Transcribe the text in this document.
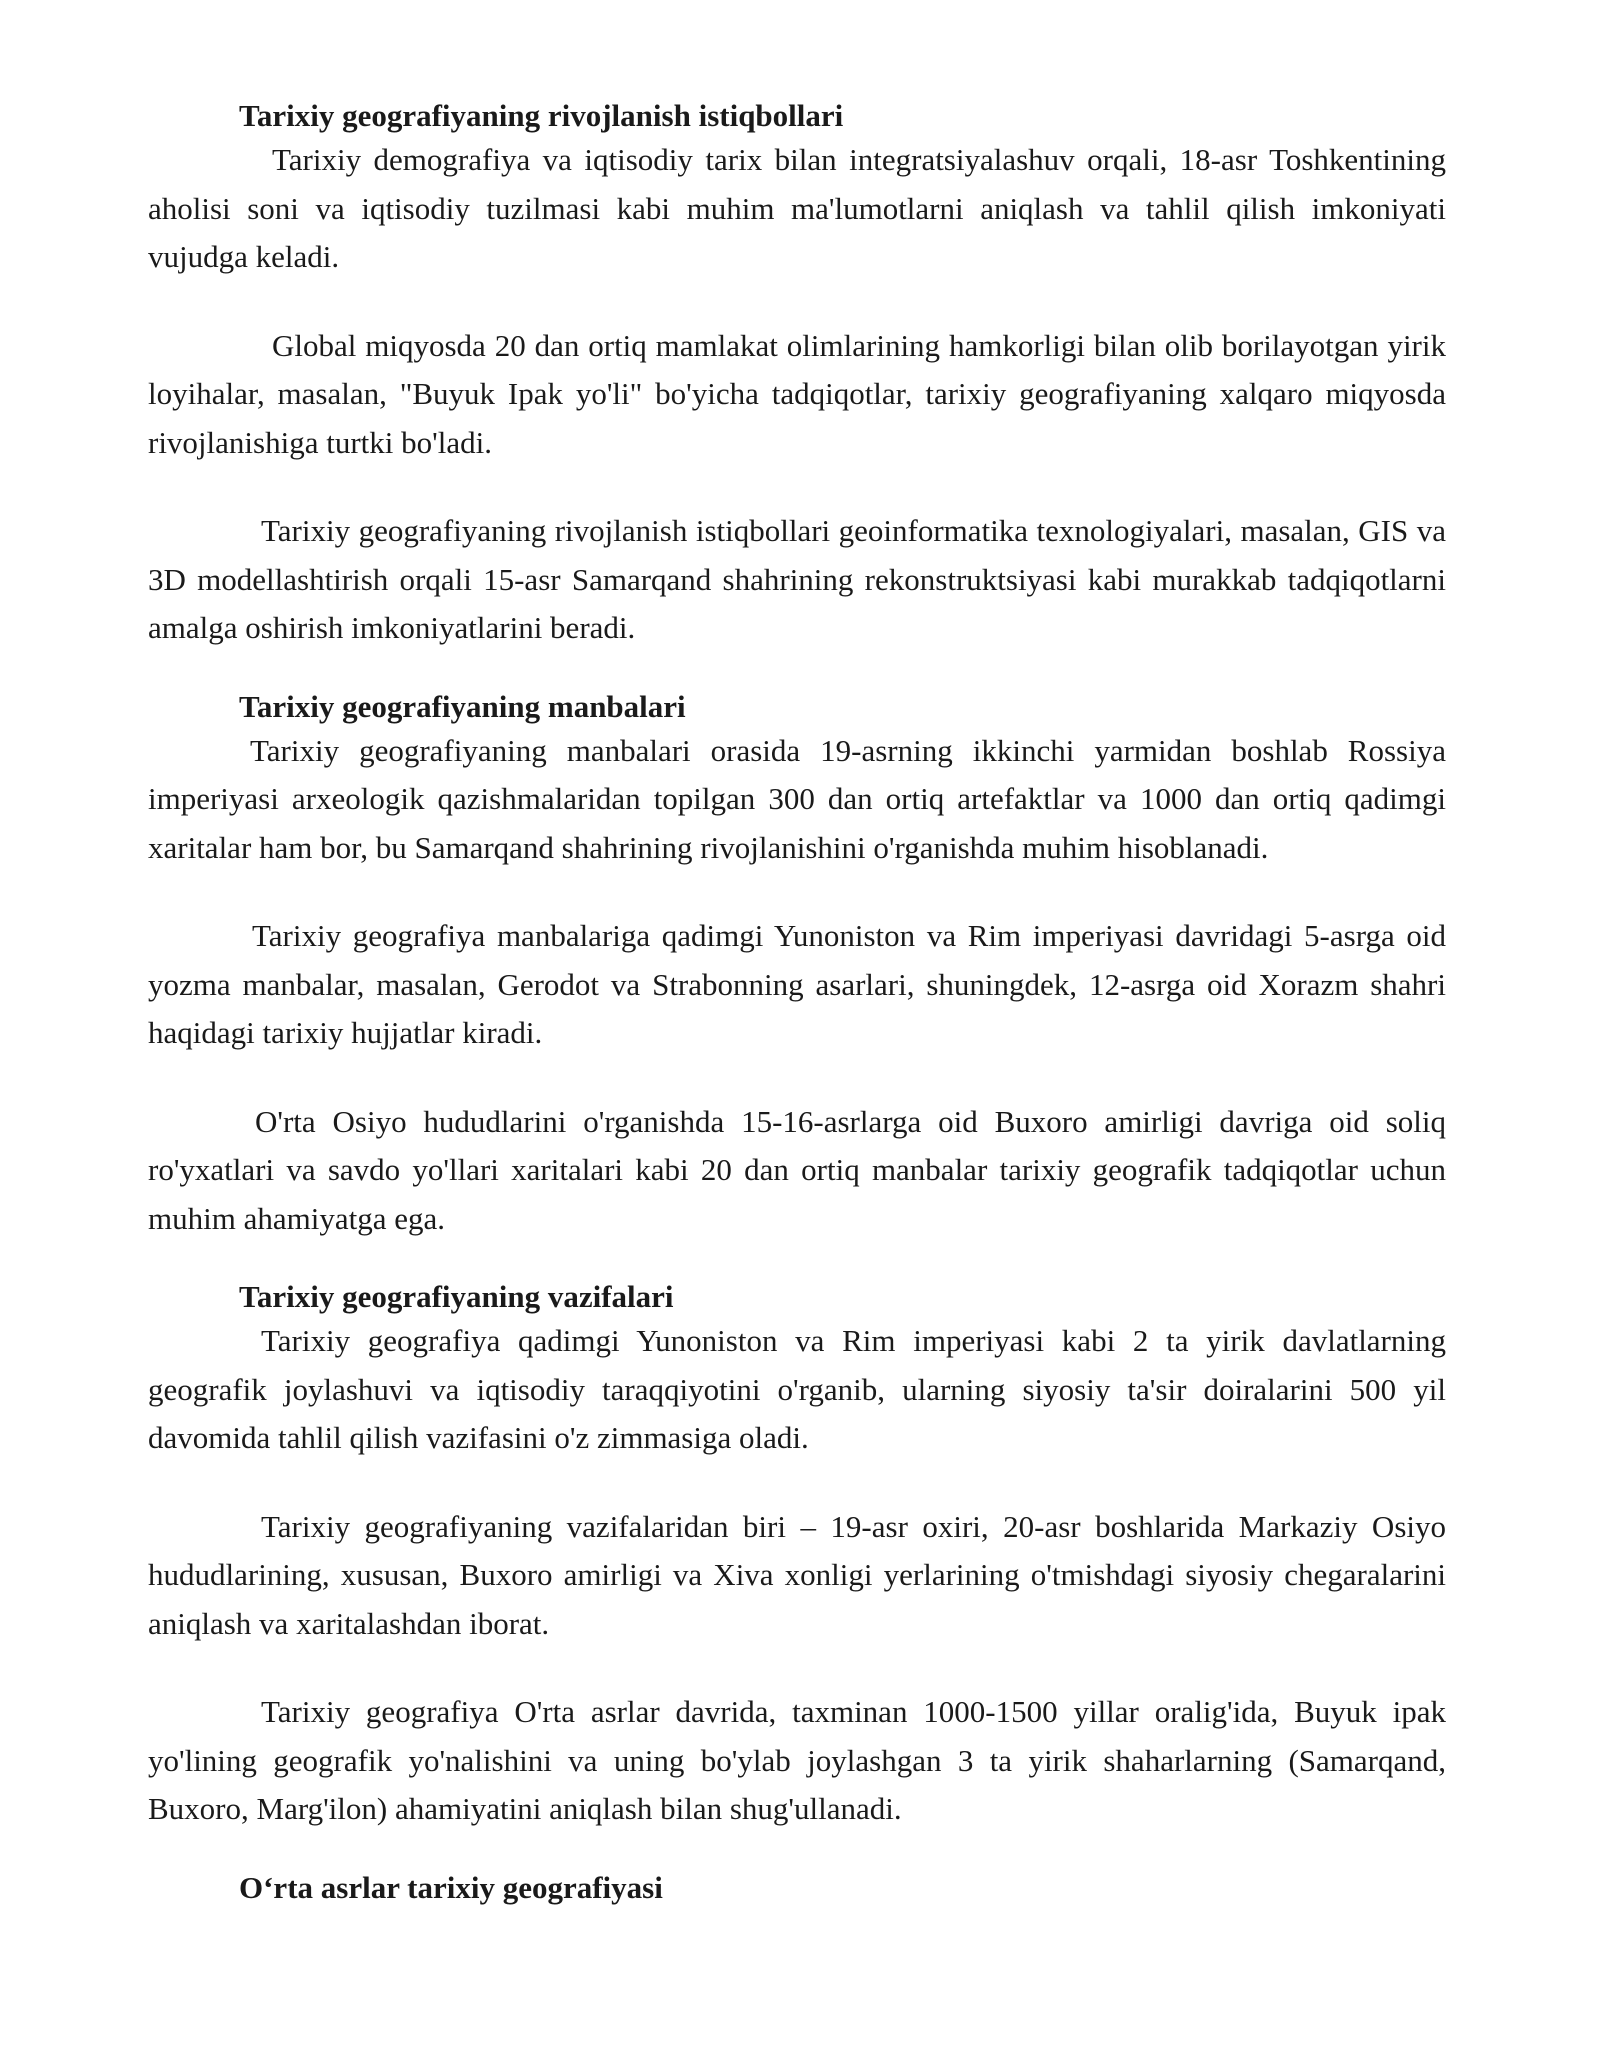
Tarixiy geografiyaning rivojlanish istiqbollari

Tarixiy demografiya va iqtisodiy tarix bilan integratsiyalashuv orqali, 18-asr Toshkentining aholisi soni va iqtisodiy tuzilmasi kabi muhim ma'lumotlarni aniqlash va tahlil qilish imkoniyati vujudga keladi.

Global miqyosda 20 dan ortiq mamlakat olimlarining hamkorligi bilan olib borilayotgan yirik loyihalar, masalan, "Buyuk Ipak yo'li" bo'yicha tadqiqotlar, tarixiy geografiyaning xalqaro miqyosda rivojlanishiga turtki bo'ladi.

Tarixiy geografiyaning rivojlanish istiqbollari geoinformatika texnologiyalari, masalan, GIS va 3D modellashtirish orqali 15-asr Samarqand shahrining rekonstruktsiyasi kabi murakkab tadqiqotlarni amalga oshirish imkoniyatlarini beradi.

Tarixiy geografiyaning manbalari

Tarixiy geografiyaning manbalari orasida 19-asrning ikkinchi yarmidan boshlab Rossiya imperiyasi arxeologik qazishmalaridan topilgan 300 dan ortiq artefaktlar va 1000 dan ortiq qadimgi xaritalar ham bor, bu Samarqand shahrining rivojlanishini o'rganishda muhim hisoblanadi.

Tarixiy geografiya manbalariga qadimgi Yunoniston va Rim imperiyasi davridagi 5-asrga oid yozma manbalar, masalan, Gerodot va Strabonning asarlari, shuningdek, 12-asrga oid Xorazm shahri haqidagi tarixiy hujjatlar kiradi.

O'rta Osiyo hududlarini o'rganishda 15-16-asrlarga oid Buxoro amirligi davriga oid soliq ro'yxatlari va savdo yo'llari xaritalari kabi 20 dan ortiq manbalar tarixiy geografik tadqiqotlar uchun muhim ahamiyatga ega.

Tarixiy geografiyaning vazifalari

Tarixiy geografiya qadimgi Yunoniston va Rim imperiyasi kabi 2 ta yirik davlatlarning geografik joylashuvi va iqtisodiy taraqqiyotini o'rganib, ularning siyosiy ta'sir doiralarini 500 yil davomida tahlil qilish vazifasini o'z zimmasiga oladi.

Tarixiy geografiyaning vazifalaridan biri – 19-asr oxiri, 20-asr boshlarida Markaziy Osiyo hududlarining, xususan, Buxoro amirligi va Xiva xonligi yerlarining o'tmishdagi siyosiy chegaralarini aniqlash va xaritalashdan iborat.

Tarixiy geografiya O'rta asrlar davrida, taxminan 1000-1500 yillar oralig'ida, Buyuk ipak yo'lining geografik yo'nalishini va uning bo'ylab joylashgan 3 ta yirik shaharlarning (Samarqand, Buxoro, Marg'ilon) ahamiyatini aniqlash bilan shug'ullanadi.

O‘rta asrlar tarixiy geografiyasi
